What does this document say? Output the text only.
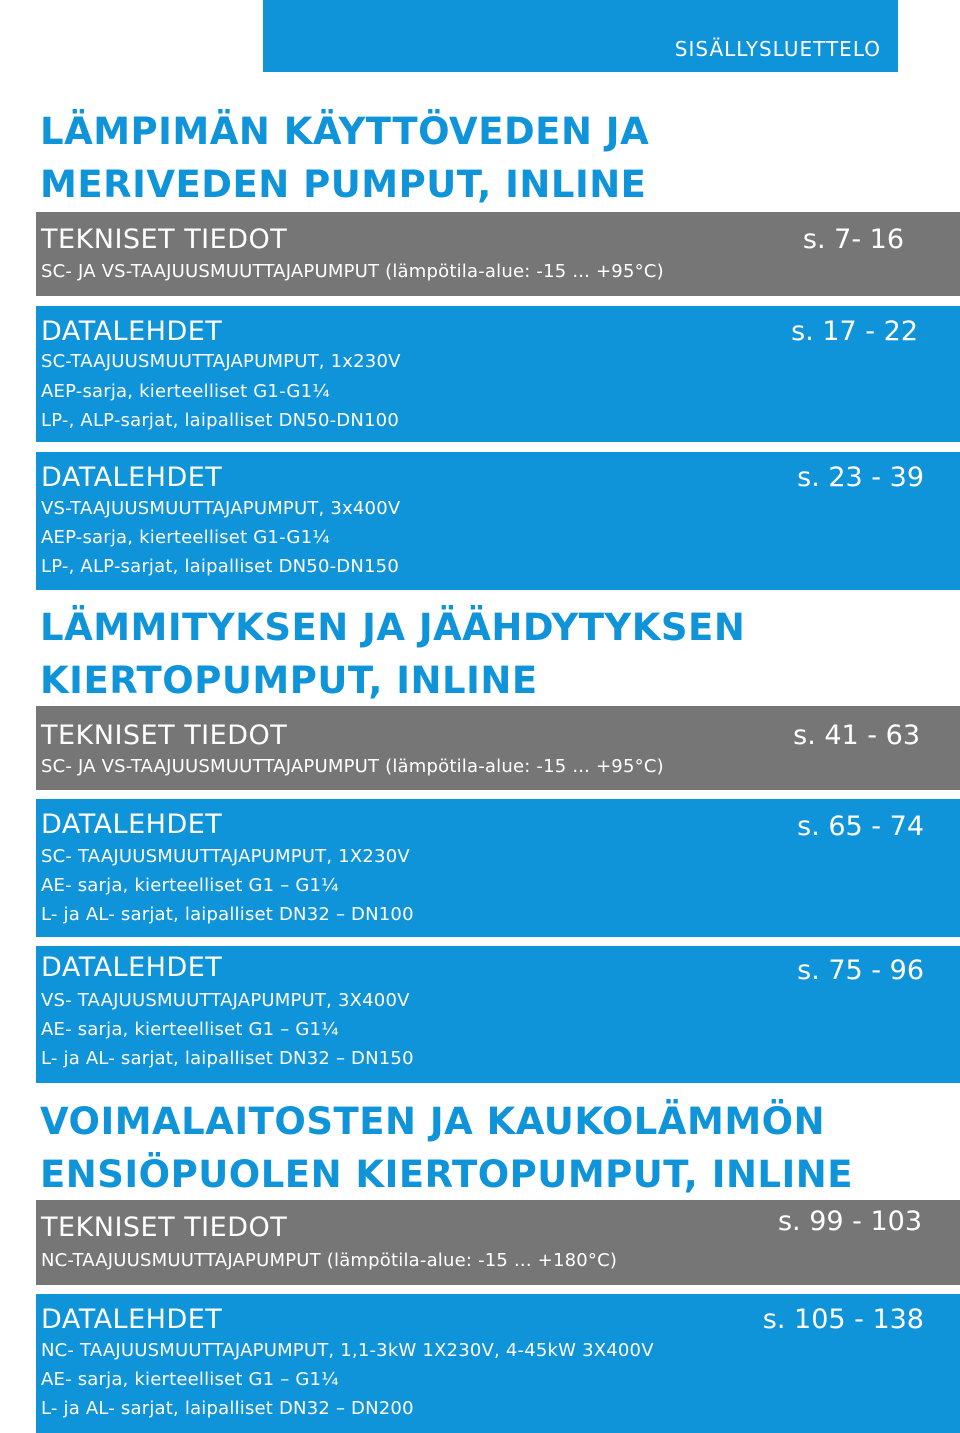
SISÄLLYSLUETTELO
LÄMPIMÄN KÄYTTÖVEDEN JA
MERIVEDEN PUMPUT, INLINE
TEKNISET TIEDOT	s. 7- 16
SC- JA VS-TAAJUUSMUUTTAJAPUMPUT (lämpötila-alue: -15 ... +95°C)
DATALEHDET	s. 17 - 22
SC-TAAJUUSMUUTTAJAPUMPUT, 1x230V
AEP-sarja, kierteelliset G1-G1¼
LP-, ALP-sarjat, laipalliset DN50-DN100
DATALEHDET	s. 23 - 39
VS-TAAJUUSMUUTTAJAPUMPUT, 3x400V
AEP-sarja, kierteelliset G1-G1¼
LP-, ALP-sarjat, laipalliset DN50-DN150
LÄMMITYKSEN JA JÄÄHDYTYKSEN
KIERTOPUMPUT, INLINE
TEKNISET TIEDOT	s. 41 - 63
SC- JA VS-TAAJUUSMUUTTAJAPUMPUT (lämpötila-alue: -15 ... +95°C)
DATALEHDET	s. 65 - 74
SC- TAAJUUSMUUTTAJAPUMPUT, 1X230V
AE- sarja, kierteelliset G1 – G1¼
L- ja AL- sarjat, laipalliset DN32 – DN100
DATALEHDET	s. 75 - 96
VS- TAAJUUSMUUTTAJAPUMPUT, 3X400V
AE- sarja, kierteelliset G1 – G1¼
L- ja AL- sarjat, laipalliset DN32 – DN150
VOIMALAITOSTEN JA KAUKOLÄMMÖN
ENSIÖPUOLEN KIERTOPUMPUT, INLINE
TEKNISET TIEDOT	s. 99 - 103
NC-TAAJUUSMUUTTAJAPUMPUT (lämpötila-alue: -15 ... +180°C)
DATALEHDET	s. 105 - 138
NC- TAAJUUSMUUTTAJAPUMPUT, 1,1-3kW 1X230V, 4-45kW 3X400V
AE- sarja, kierteelliset G1 – G1¼
L- ja AL- sarjat, laipalliset DN32 – DN200
